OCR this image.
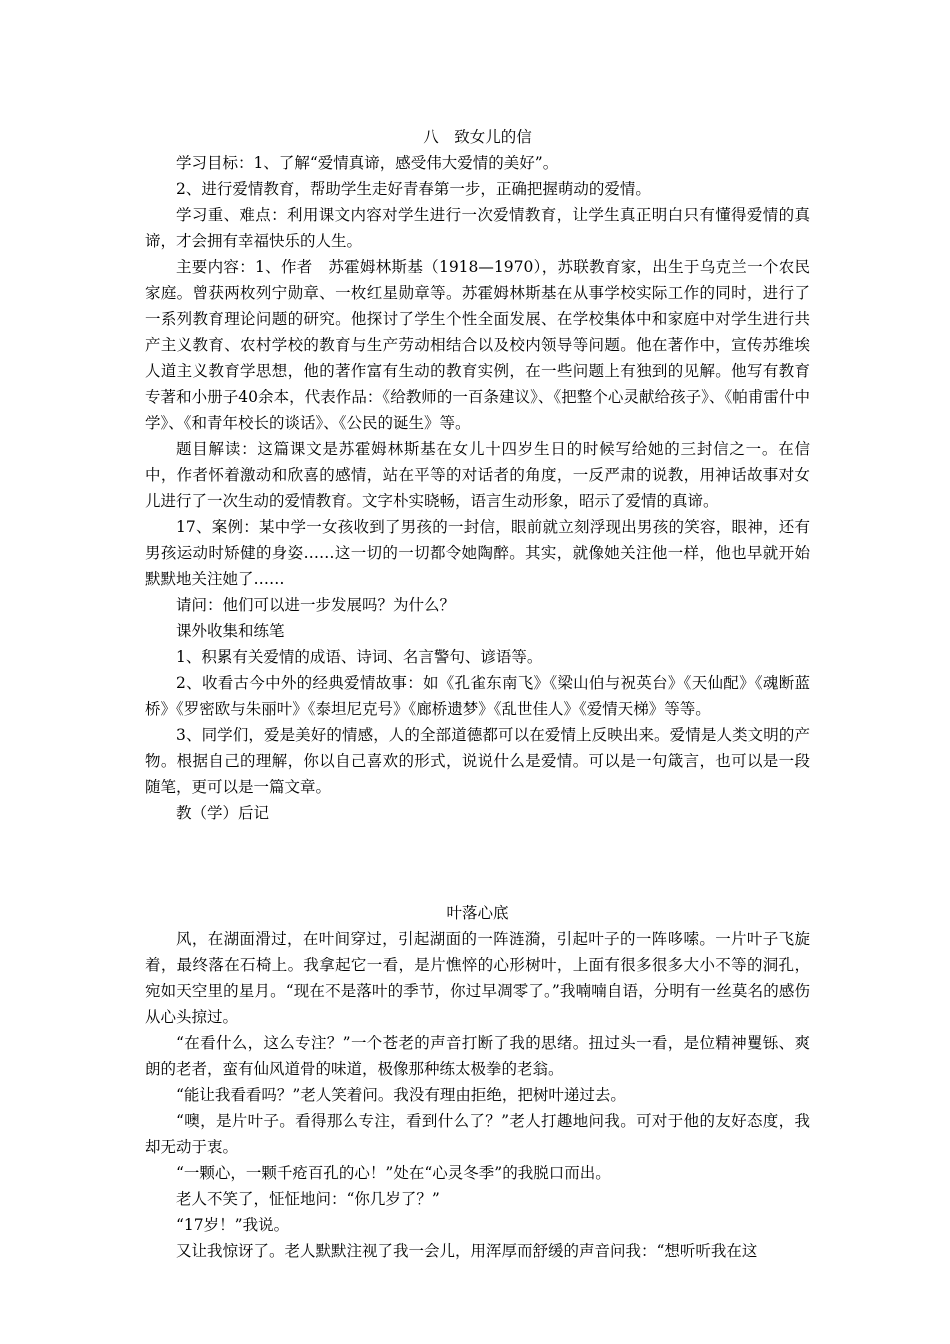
八　致女儿的信

学习目标：1、了解“爱情真谛，感受伟大爱情的美好”。

2、进行爱情教育，帮助学生走好青春第一步，正确把握萌动的爱情。

学习重、难点：利用课文内容对学生进行一次爱情教育，让学生真正明白只有懂得爱情的真谛，才会拥有幸福快乐的人生。

主要内容：1、作者　苏霍姆林斯基（1918—1970），苏联教育家，出生于乌克兰一个农民家庭。曾获两枚列宁勋章、一枚红星勋章等。苏霍姆林斯基在从事学校实际工作的同时，进行了一系列教育理论问题的研究。他探讨了学生个性全面发展、在学校集体中和家庭中对学生进行共产主义教育、农村学校的教育与生产劳动相结合以及校内领导等问题。他在著作中，宣传苏维埃人道主义教育学思想，他的著作富有生动的教育实例，在一些问题上有独到的见解。他写有教育专著和小册子40余本，代表作品：《给教师的一百条建议》、《把整个心灵献给孩子》、《帕甫雷什中学》、《和青年校长的谈话》、《公民的诞生》等。

题目解读：这篇课文是苏霍姆林斯基在女儿十四岁生日的时候写给她的三封信之一。在信中，作者怀着激动和欣喜的感情，站在平等的对话者的角度，一反严肃的说教，用神话故事对女儿进行了一次生动的爱情教育。文字朴实晓畅，语言生动形象，昭示了爱情的真谛。

17、案例：某中学一女孩收到了男孩的一封信，眼前就立刻浮现出男孩的笑容，眼神，还有男孩运动时矫健的身姿……这一切的一切都令她陶醉。其实，就像她关注他一样，他也早就开始默默地关注她了……

请问：他们可以进一步发展吗？为什么？

课外收集和练笔

1、积累有关爱情的成语、诗词、名言警句、谚语等。

2、收看古今中外的经典爱情故事：如《孔雀东南飞》《梁山伯与祝英台》《天仙配》《魂断蓝桥》《罗密欧与朱丽叶》《泰坦尼克号》《廊桥遗梦》《乱世佳人》《爱情天梯》等等。

3、同学们，爱是美好的情感，人的全部道德都可以在爱情上反映出来。爱情是人类文明的产物。根据自己的理解，你以自己喜欢的形式，说说什么是爱情。可以是一句箴言，也可以是一段随笔，更可以是一篇文章。

教（学）后记

叶落心底

风，在湖面滑过，在叶间穿过，引起湖面的一阵涟漪，引起叶子的一阵哆嗦。一片叶子飞旋着，最终落在石椅上。我拿起它一看，是片憔悴的心形树叶，上面有很多很多大小不等的洞孔，宛如天空里的星月。“现在不是落叶的季节，你过早凋零了。”我喃喃自语，分明有一丝莫名的感伤从心头掠过。

“在看什么，这么专注？”一个苍老的声音打断了我的思绪。扭过头一看，是位精神矍铄、爽朗的老者，蛮有仙风道骨的味道，极像那种练太极拳的老翁。

“能让我看看吗？”老人笑着问。我没有理由拒绝，把树叶递过去。

“噢，是片叶子。看得那么专注，看到什么了？”老人打趣地问我。可对于他的友好态度，我却无动于衷。

“一颗心，一颗千疮百孔的心！”处在“心灵冬季”的我脱口而出。

老人不笑了，怔怔地问：“你几岁了？”

“17岁！”我说。

又让我惊讶了。老人默默注视了我一会儿，用浑厚而舒缓的声音问我：“想听听我在这
